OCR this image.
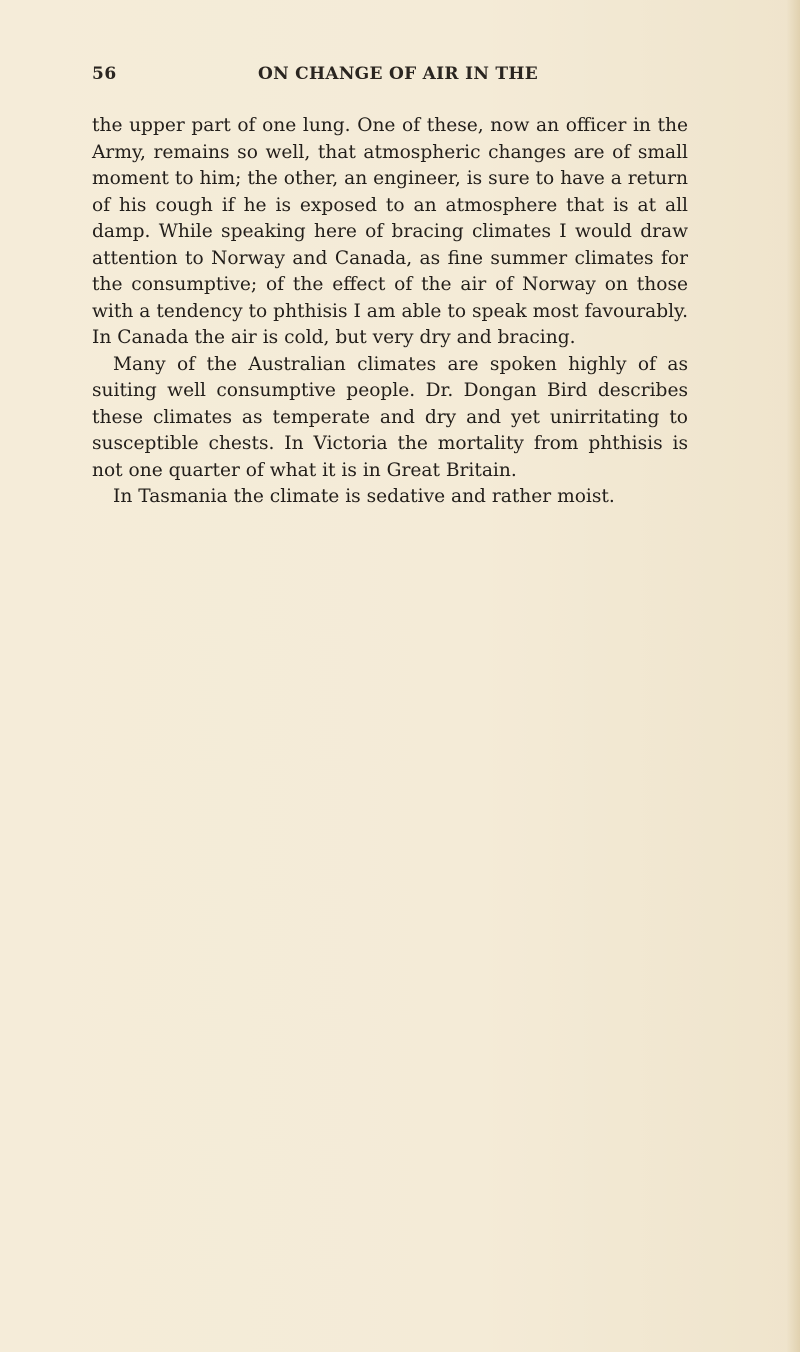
56	ON CHANGE OF AIR IN THE

the upper part of one lung. One of these, now an officer in the Army, remains so well, that atmospheric changes are of small moment to him; the other, an engineer, is sure to have a return of his cough if he is exposed to an atmosphere that is at all damp. While speaking here of bracing climates I would draw attention to Norway and Canada, as fine summer climates for the consumptive; of the effect of the air of Norway on those with a tendency to phthisis I am able to speak most favourably. In Canada the air is cold, but very dry and bracing.

Many of the Australian climates are spoken highly of as suiting well consumptive people. Dr. Dongan Bird describes these climates as temperate and dry and yet unirritating to susceptible chests. In Victoria the mortality from phthisis is not one quarter of what it is in Great Britain.

In Tasmania the climate is sedative and rather moist.
